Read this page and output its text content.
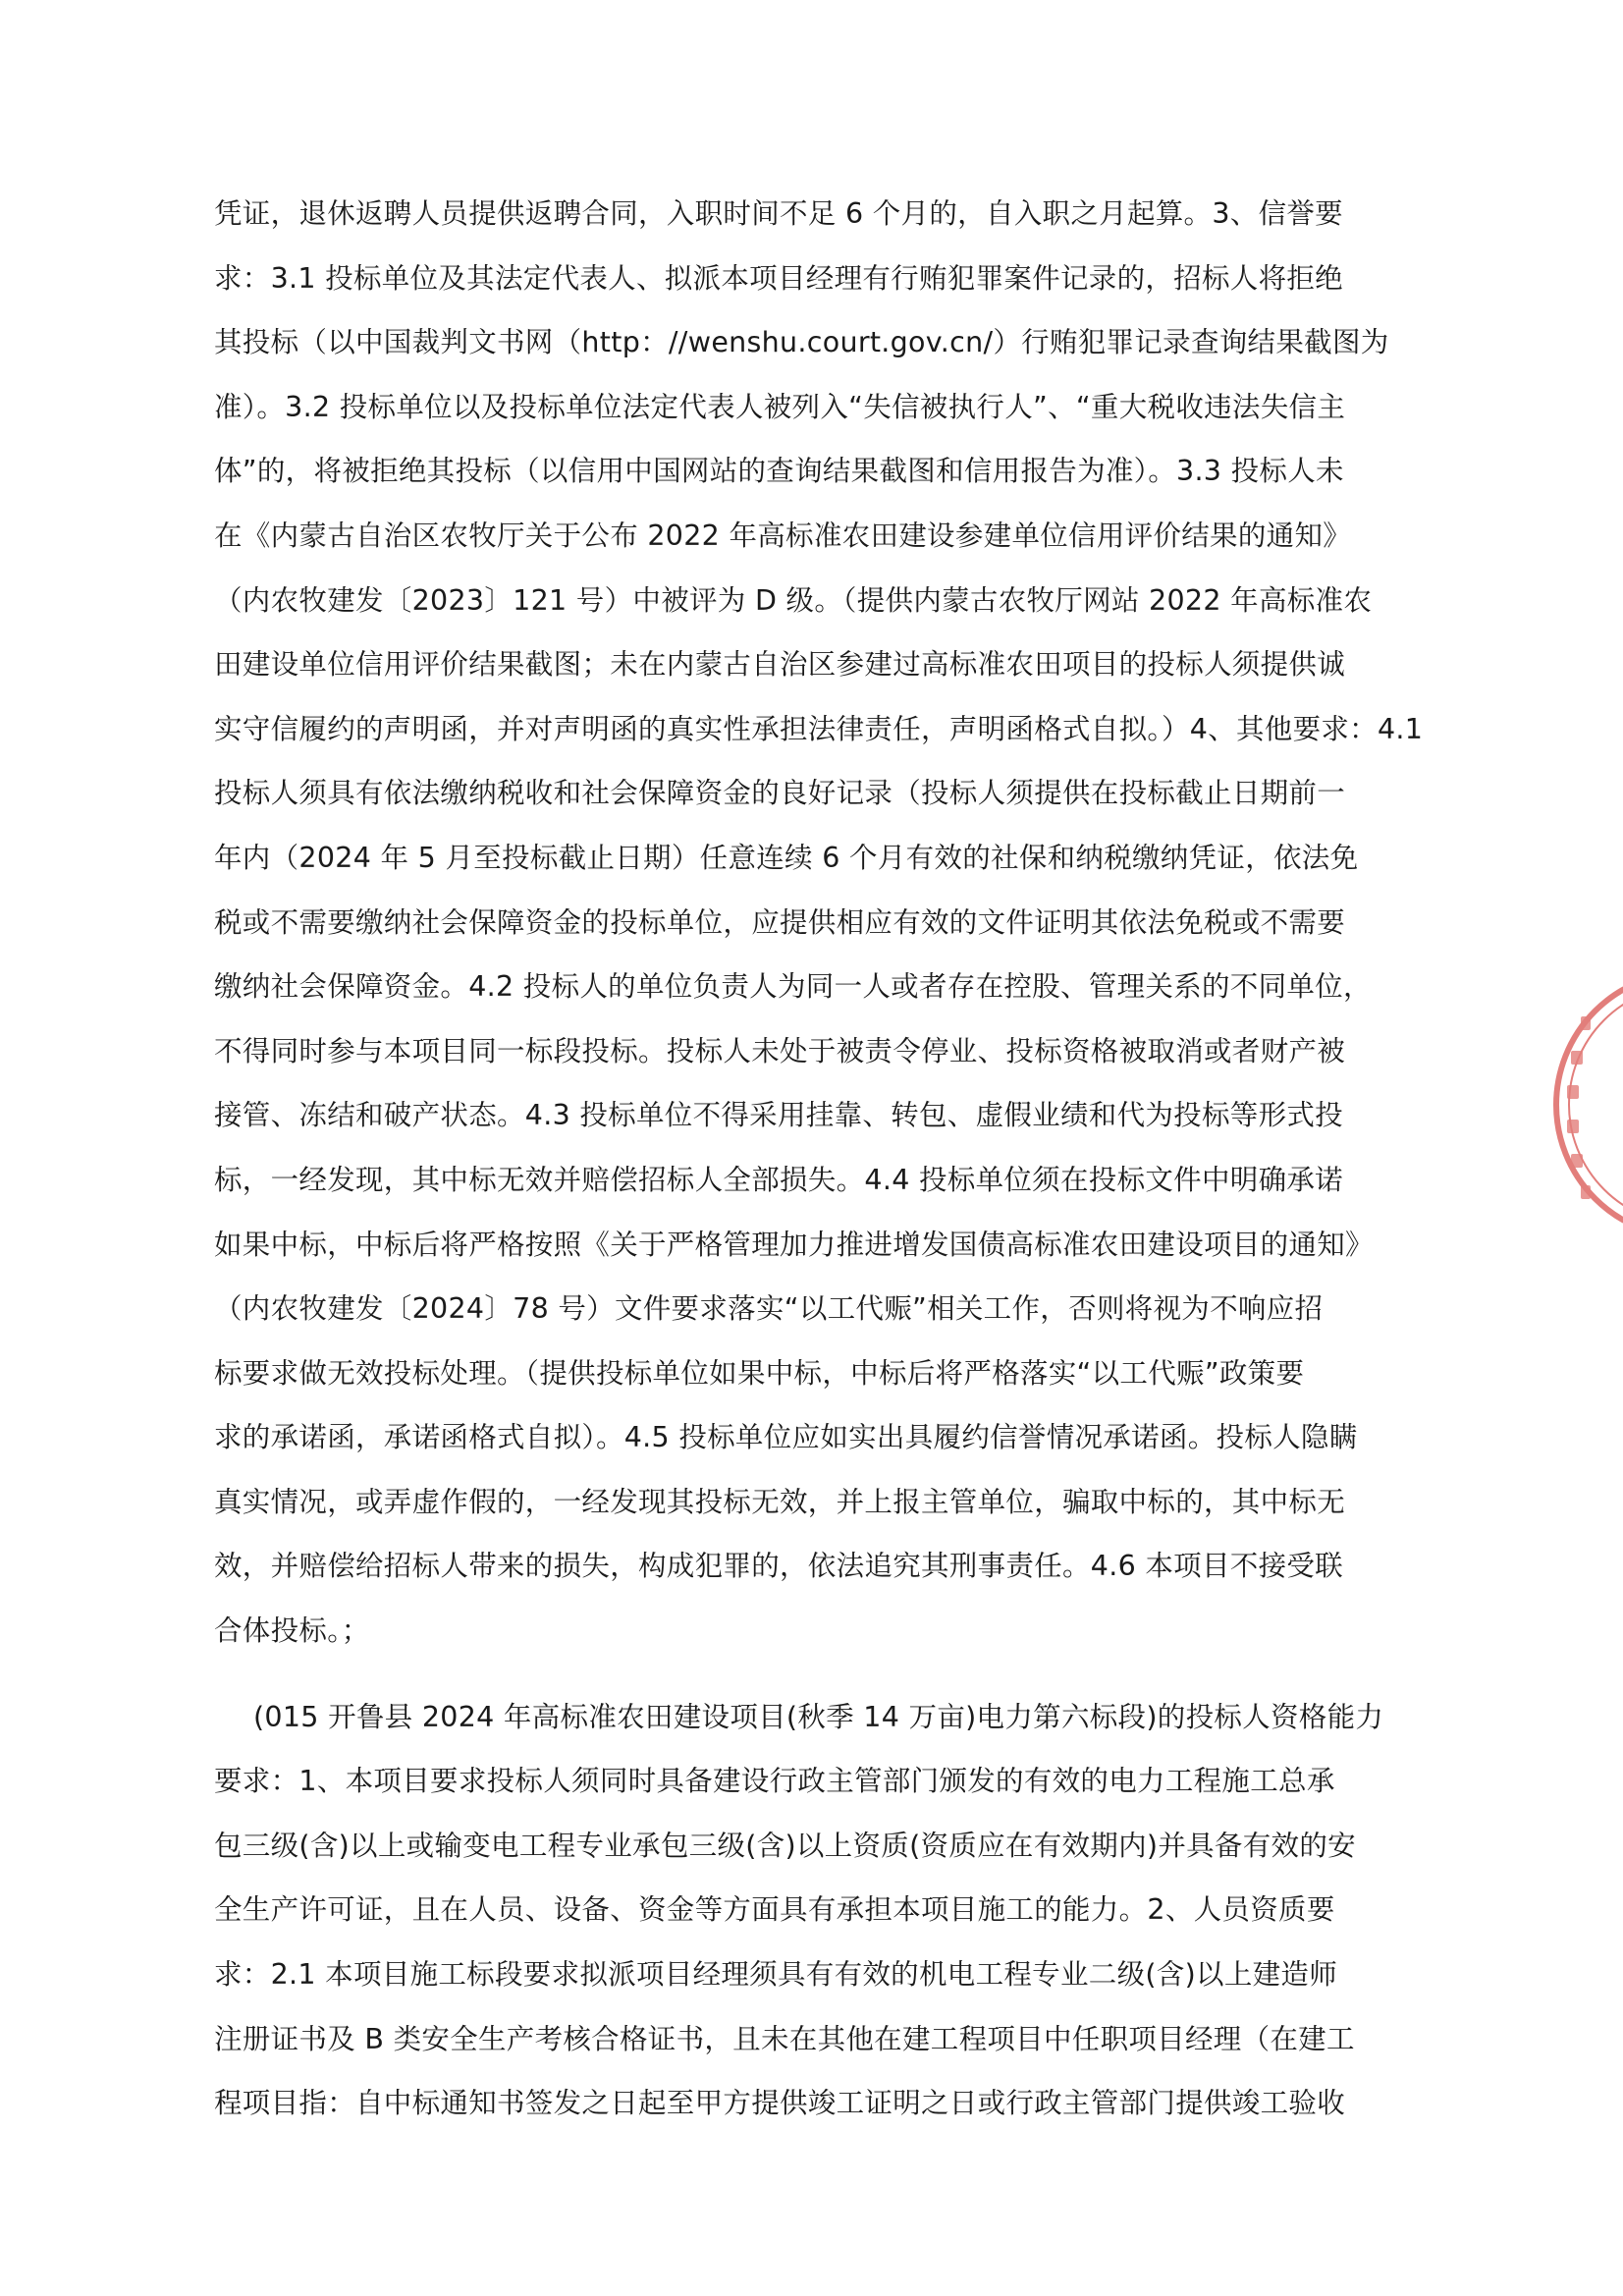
凭证，退休返聘人员提供返聘合同，入职时间不足 6 个月的，自入职之月起算。3、信誉要
求：3.1 投标单位及其法定代表人、拟派本项目经理有行贿犯罪案件记录的，招标人将拒绝
其投标（以中国裁判文书网（http：//wenshu.court.gov.cn/）行贿犯罪记录查询结果截图为
准）。3.2 投标单位以及投标单位法定代表人被列入“失信被执行人”、“重大税收违法失信主
体”的，将被拒绝其投标（以信用中国网站的查询结果截图和信用报告为准）。3.3 投标人未
在《内蒙古自治区农牧厅关于公布 2022 年高标准农田建设参建单位信用评价结果的通知》
（内农牧建发〔2023〕121 号）中被评为 D 级。（提供内蒙古农牧厅网站 2022 年高标准农
田建设单位信用评价结果截图；未在内蒙古自治区参建过高标准农田项目的投标人须提供诚
实守信履约的声明函，并对声明函的真实性承担法律责任，声明函格式自拟。）4、其他要求：4.1
投标人须具有依法缴纳税收和社会保障资金的良好记录（投标人须提供在投标截止日期前一
年内（2024 年 5 月至投标截止日期）任意连续 6 个月有效的社保和纳税缴纳凭证，依法免
税或不需要缴纳社会保障资金的投标单位，应提供相应有效的文件证明其依法免税或不需要
缴纳社会保障资金。4.2 投标人的单位负责人为同一人或者存在控股、管理关系的不同单位，
不得同时参与本项目同一标段投标。投标人未处于被责令停业、投标资格被取消或者财产被
接管、冻结和破产状态。4.3 投标单位不得采用挂靠、转包、虚假业绩和代为投标等形式投
标，一经发现，其中标无效并赔偿招标人全部损失。4.4 投标单位须在投标文件中明确承诺
如果中标，中标后将严格按照《关于严格管理加力推进增发国债高标准农田建设项目的通知》
（内农牧建发〔2024〕78 号）文件要求落实“以工代赈”相关工作，否则将视为不响应招
标要求做无效投标处理。（提供投标单位如果中标，中标后将严格落实“以工代赈”政策要
求的承诺函，承诺函格式自拟）。4.5 投标单位应如实出具履约信誉情况承诺函。投标人隐瞒
真实情况，或弄虚作假的，一经发现其投标无效，并上报主管单位，骗取中标的，其中标无
效，并赔偿给招标人带来的损失，构成犯罪的，依法追究其刑事责任。4.6 本项目不接受联
合体投标。；
(015 开鲁县 2024 年高标准农田建设项目(秋季 14 万亩)电力第六标段)的投标人资格能力
要求：1、本项目要求投标人须同时具备建设行政主管部门颁发的有效的电力工程施工总承
包三级(含)以上或输变电工程专业承包三级(含)以上资质(资质应在有效期内)并具备有效的安
全生产许可证，且在人员、设备、资金等方面具有承担本项目施工的能力。2、人员资质要
求：2.1 本项目施工标段要求拟派项目经理须具有有效的机电工程专业二级(含)以上建造师
注册证书及 B 类安全生产考核合格证书，且未在其他在建工程项目中任职项目经理（在建工
程项目指：自中标通知书签发之日起至甲方提供竣工证明之日或行政主管部门提供竣工验收
